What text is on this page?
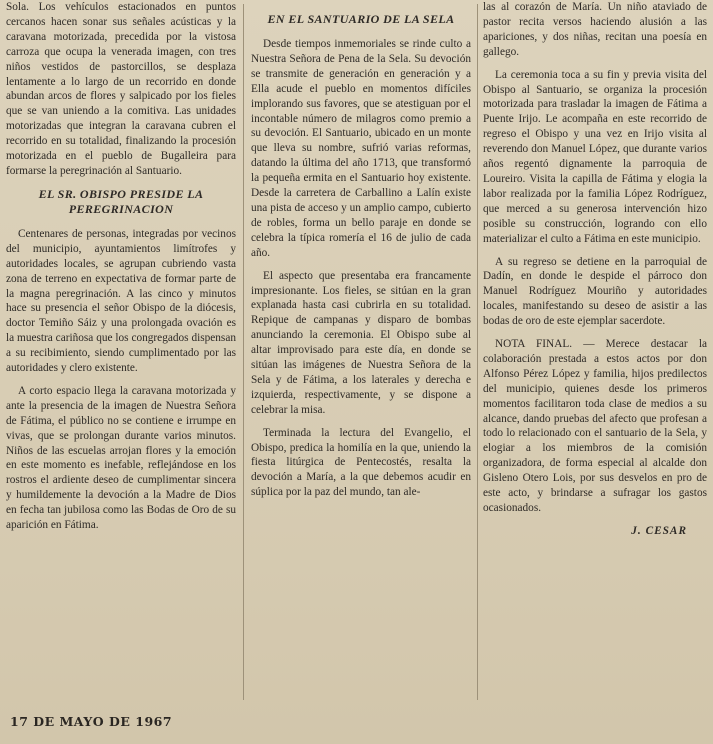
Sola. Los vehículos estacionados en puntos cercanos hacen sonar sus señales acústicas y la caravana motorizada, precedida por la vistosa carroza que ocupa la venerada imagen, con tres niños vestidos de pastorcillos, se desplaza lentamente a lo largo de un recorrido en donde abundan arcos de flores y salpicado por los fieles que se van uniendo a la comitiva. Las unidades motorizadas que integran la caravana cubren el recorrido en su totalidad, finalizando la procesión motorizada en el pueblo de Bugalleira para formarse la peregrinación al Santuario.

EL SR. OBISPO PRESIDE LA PEREGRINACION

Centenares de personas, integradas por vecinos del municipio, ayuntamientos limítrofes y autoridades locales, se agrupan cubriendo vasta zona de terreno en expectativa de formar parte de la magna peregrinación. A las cinco y minutos hace su presencia el señor Obispo de la diócesis, doctor Temiño Sáiz y una prolongada ovación es la muestra cariñosa que los congregados dispensan a su recibimiento, siendo cumplimentado por las autoridades y clero existente.

A corto espacio llega la caravana motorizada y ante la presencia de la imagen de Nuestra Señora de Fátima, el público no se contiene e irrumpe en vivas, que se prolongan durante varios minutos. Niños de las escuelas arrojan flores y la emoción en este momento es inefable, reflejándose en los rostros el ardiente deseo de cumplimentar sincera y humildemente la devoción a la Madre de Dios en fecha tan jubilosa como las Bodas de Oro de su aparición en Fátima.

EN EL SANTUARIO DE LA SELA

Desde tiempos inmemoriales se rinde culto a Nuestra Señora de Pena de la Sela. Su devoción se transmite de generación en generación y a Ella acude el pueblo en momentos difíciles implorando sus favores, que se atestiguan por el incontable número de milagros como premio a su devoción. El Santuario, ubicado en un monte que lleva su nombre, sufrió varias reformas, datando la última del año 1713, que transformó la pequeña ermita en el Santuario hoy existente. Desde la carretera de Carballino a Lalín existe una pista de acceso y un amplio campo, cubierto de robles, forma un bello paraje en donde se celebra la típica romería el 16 de julio de cada año.

El aspecto que presentaba era francamente impresionante. Los fieles, se sitúan en la gran explanada hasta casi cubrirla en su totalidad. Repique de campanas y disparo de bombas anunciando la ceremonia. El Obispo sube al altar improvisado para este día, en donde se sitúan las imágenes de Nuestra Señora de la Sela y de Fátima, a los laterales y derecha e izquierda, respectivamente, y se dispone a celebrar la misa.

Terminada la lectura del Evangelio, el Obispo, predica la homilía en la que, uniendo la fiesta litúrgica de Pentecostés, resalta la devoción a María, a la que debemos acudir en súplica por la paz del mundo, tan ale-

las al corazón de María. Un niño ataviado de pastor recita versos haciendo alusión a las apariciones, y dos niñas, recitan una poesía en gallego.

La ceremonia toca a su fin y previa visita del Obispo al Santuario, se organiza la procesión motorizada para trasladar la imagen de Fátima a Puente Irijo. Le acompaña en este recorrido de regreso el Obispo y una vez en Irijo visita al reverendo don Manuel López, que durante varios años regentó dignamente la parroquia de Loureiro. Visita la capilla de Fátima y elogia la labor realizada por la familia López Rodríguez, que merced a su generosa intervención hizo posible su construcción, logrando con ello materializar el culto a Fátima en este municipio.

A su regreso se detiene en la parroquial de Dadín, en donde le despide el párroco don Manuel Rodríguez Mouriño y autoridades locales, manifestando su deseo de asistir a las bodas de oro de este ejemplar sacerdote.

NOTA FINAL. — Merece destacar la colaboración prestada a estos actos por don Alfonso Pérez López y familia, hijos predilectos del municipio, quienes desde los primeros momentos facilitaron toda clase de medios a su alcance, dando pruebas del afecto que profesan a todo lo relacionado con el santuario de la Sela, y elogiar a los miembros de la comisión organizadora, de forma especial al alcalde don Gisleno Otero Lois, por sus desvelos en pro de este acto, y brindarse a sufragar los gastos ocasionados.

J. CESAR
17 DE MAYO DE 1967
